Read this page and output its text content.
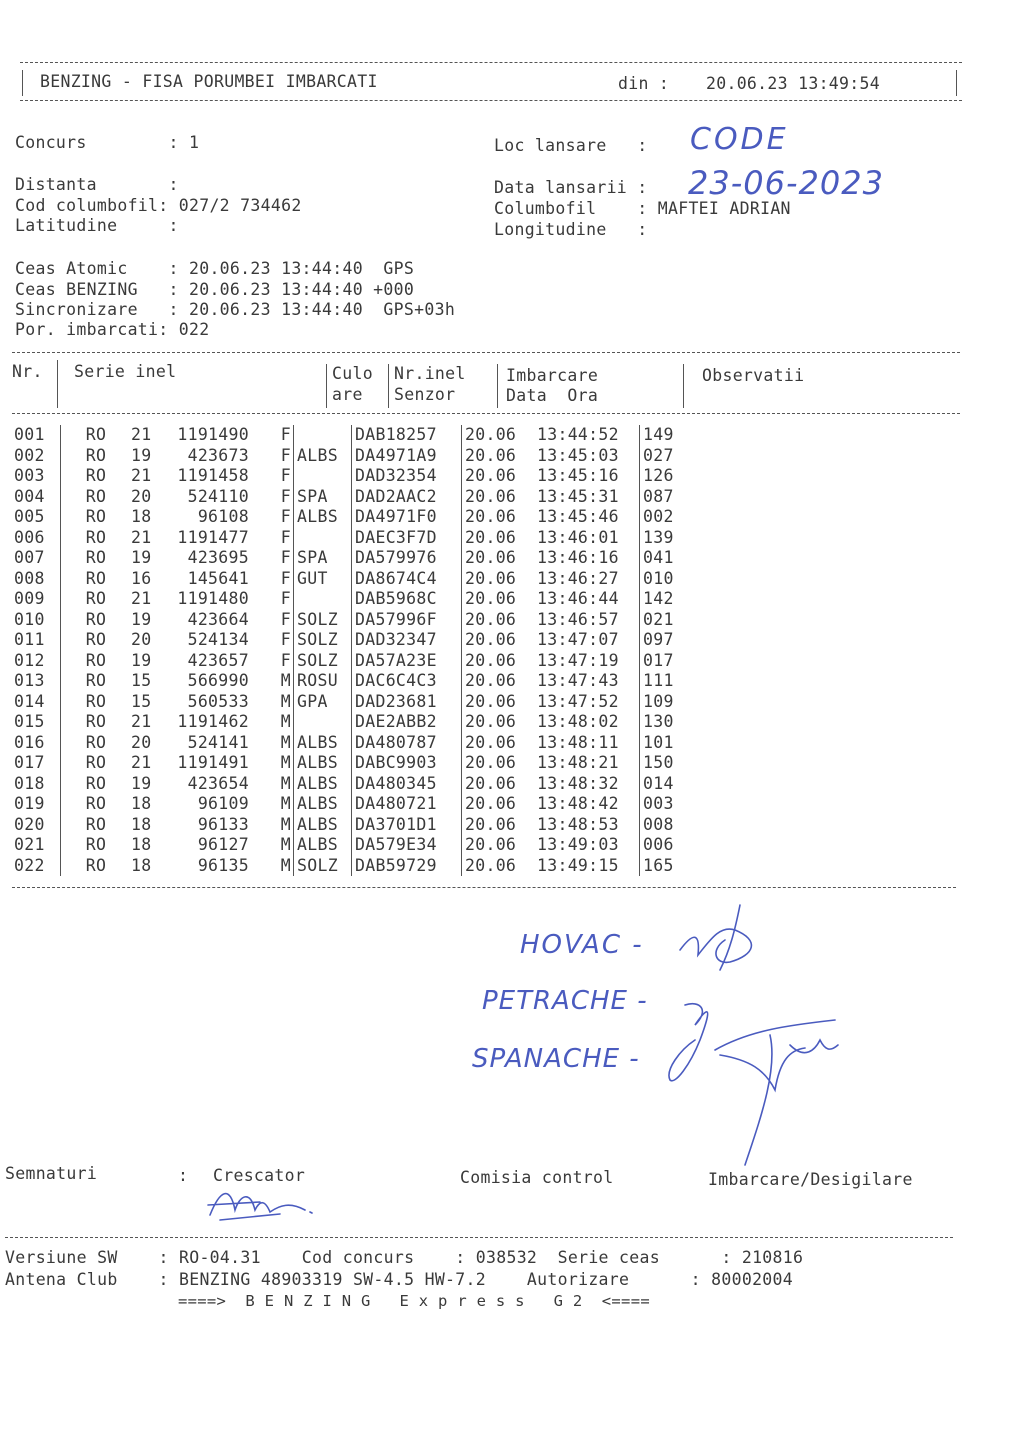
BENZING - FISA PORUMBEI IMBARCATI	din : 20.06.23 13:49:54
Concurs        : 1	Loc lansare   : CODE
Distanta       :	Data lansarii : 23-06-2023
Cod columbofil: 027/2 734462	Columbofil    : MAFTEI ADRIAN
Latitudine     :	Longitudine   :
Ceas Atomic    : 20.06.23 13:44:40  GPS
Ceas BENZING   : 20.06.23 13:44:40 +000
Sincronizare   : 20.06.23 13:44:40  GPS+03h
Por. imbarcati: 022
Nr. Serie inel	Culo
are
Nr.inel
Senzor
Imbarcare
Data  Ora
Observatii
001	RO	21	1191490	F		DAB18257	20.06	13:44:52	149
002	RO	19	423673	F	ALBS	DA4971A9	20.06	13:45:03	027
003	RO	21	1191458	F		DAD32354	20.06	13:45:16	126
004	RO	20	524110	F	SPA	DAD2AAC2	20.06	13:45:31	087
005	RO	18	96108	F	ALBS	DA4971F0	20.06	13:45:46	002
006	RO	21	1191477	F		DAEC3F7D	20.06	13:46:01	139
007	RO	19	423695	F	SPA	DA579976	20.06	13:46:16	041
008	RO	16	145641	F	GUT	DA8674C4	20.06	13:46:27	010
009	RO	21	1191480	F		DAB5968C	20.06	13:46:44	142
010	RO	19	423664	F	SOLZ	DA57996F	20.06	13:46:57	021
011	RO	20	524134	F	SOLZ	DAD32347	20.06	13:47:07	097
012	RO	19	423657	F	SOLZ	DA57A23E	20.06	13:47:19	017
013	RO	15	566990	M	ROSU	DAC6C4C3	20.06	13:47:43	111
014	RO	15	560533	M	GPA	DAD23681	20.06	13:47:52	109
015	RO	21	1191462	M		DAE2ABB2	20.06	13:48:02	130
016	RO	20	524141	M	ALBS	DA480787	20.06	13:48:11	101
017	RO	21	1191491	M	ALBS	DABC9903	20.06	13:48:21	150
018	RO	19	423654	M	ALBS	DA480345	20.06	13:48:32	014
019	RO	18	96109	M	ALBS	DA480721	20.06	13:48:42	003
020	RO	18	96133	M	ALBS	DA3701D1	20.06	13:48:53	008
021	RO	18	96127	M	ALBS	DA579E34	20.06	13:49:03	006
022	RO	18	96135	M	SOLZ	DAB59729	20.06	13:49:15	165
HOVAC -
PETRACHE -
SPANACHE -
Semnaturi	: Crescator	Comisia control	Imbarcare/Desigilare
Versiune SW    : RO-04.31    Cod concurs    : 038532  Serie ceas      : 210816
Antena Club    : BENZING 48903319 SW-4.5 HW-7.2    Autorizare      : 80002004
====>  B E N Z I N G   E x p r e s s   G 2  <====
